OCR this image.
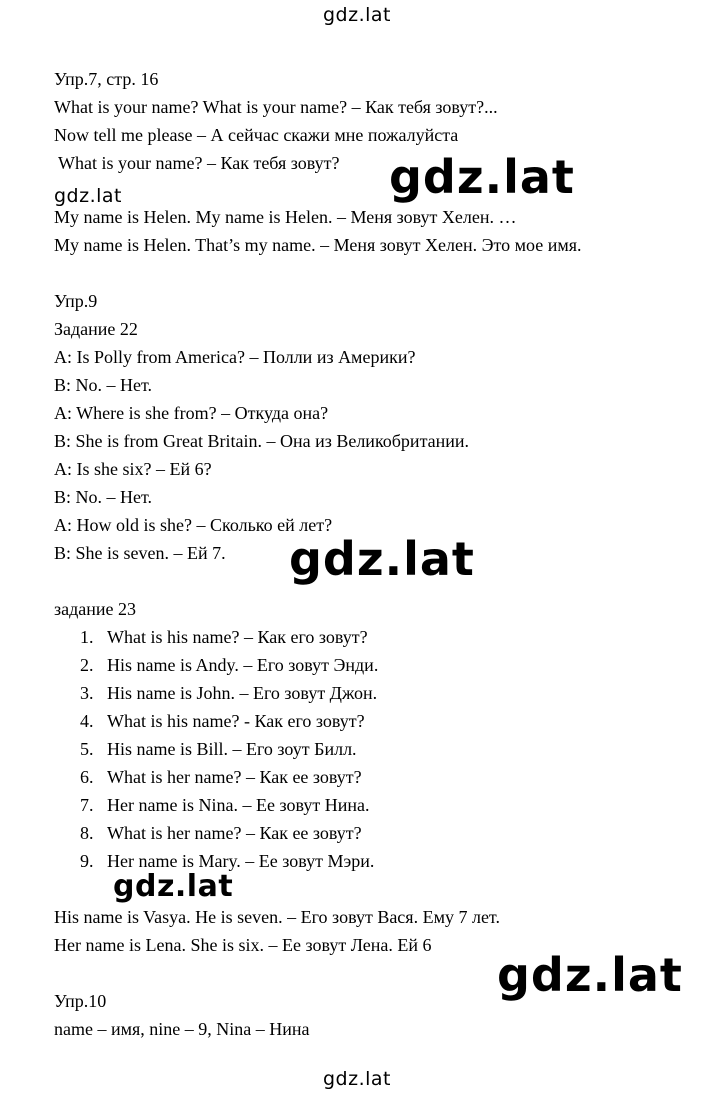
gdz.lat
gdz.lat	gdz.lat
gdz.lat
gdz.lat
gdz.lat
gdz.lat
Упр.7, стр. 16
What is your name? What is your name? – Как тебя зовут?...
Now tell me please – А сейчас скажи мне пожалуйста
What is your name? – Как тебя зовут?
My name is Helen. My name is Helen. – Меня зовут Хелен. …
My name is Helen. That’s my name. – Меня зовут Хелен. Это мое имя.
Упр.9
Задание 22
A: Is Polly from America? – Полли из Америки?
B: No. – Нет.
A: Where is she from? – Откуда она?
B: She is from Great Britain. – Она из Великобритании.
A: Is she six? – Ей 6?
B: No. – Нет.
A: How old is she? – Сколько ей лет?
B: She is seven. – Ей 7.
задание 23
1. What is his name? – Как его зовут?
2. His name is Andy. – Его зовут Энди.
3. His name is John. – Его зовут Джон.
4. What is his name? - Как его зовут?
5. His name is Bill. – Его зоут Билл.
6. What is her name? – Как ее зовут?
7. Her name is Nina. – Ее зовут Нина.
8. What is her name? – Как ее зовут?
9. Her name is Mary. – Ее зовут Мэри.
His name is Vasya. He is seven. – Его зовут Вася. Ему 7 лет.
Her name is Lena. She is six. – Ее зовут Лена. Ей 6
Упр.10
name – имя, nine – 9, Nina – Нина
